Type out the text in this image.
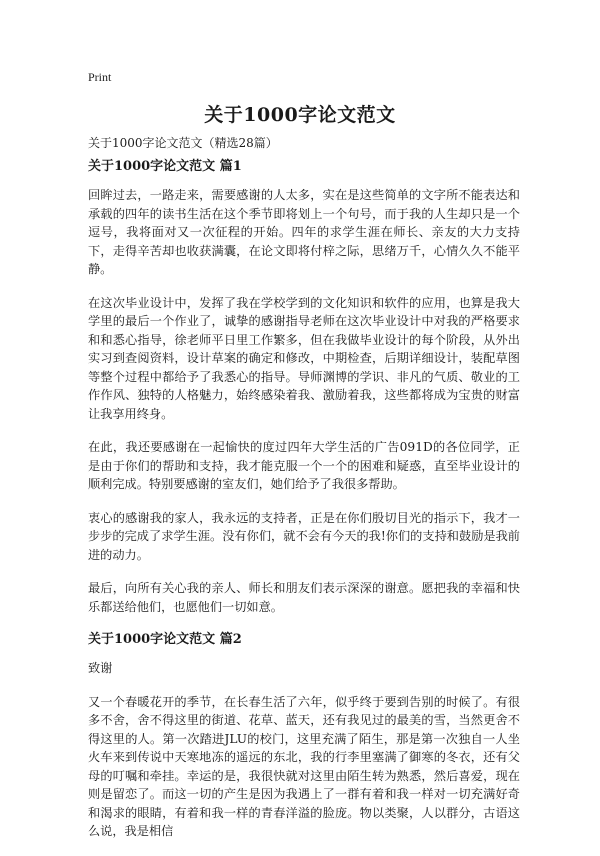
Print
关于1000字论文范文

关于1000字论文范文（精选28篇）

关于1000字论文范文 篇1

回眸过去，一路走来，需要感谢的人太多，实在是这些简单的文字所不能表达和承载的四年的读书生活在这个季节即将划上一个句号，而于我的人生却只是一个逗号，我将面对又一次征程的开始。四年的求学生涯在师长、亲友的大力支持下，走得辛苦却也收获满囊，在论文即将付梓之际，思绪万千，心情久久不能平静。

在这次毕业设计中，发挥了我在学校学到的文化知识和软件的应用，也算是我大学里的最后一个作业了，诚挚的感谢指导老师在这次毕业设计中对我的严格要求和和悉心指导，徐老师平日里工作繁多，但在我做毕业设计的每个阶段，从外出实习到查阅资料，设计草案的确定和修改，中期检查，后期详细设计，装配草图等整个过程中都给予了我悉心的指导。导师渊博的学识、非凡的气质、敬业的工作作风、独特的人格魅力，始终感染着我、激励着我，这些都将成为宝贵的财富让我享用终身。

在此，我还要感谢在一起愉快的度过四年大学生活的广告091D的各位同学，正是由于你们的帮助和支持，我才能克服一个一个的困难和疑惑，直至毕业设计的顺利完成。特别要感谢的室友们，她们给予了我很多帮助。

衷心的感谢我的家人，我永远的支持者，正是在你们殷切目光的指示下，我才一步步的完成了求学生涯。没有你们，就不会有今天的我!你们的支持和鼓励是我前进的动力。

最后，向所有关心我的亲人、师长和朋友们表示深深的谢意。愿把我的幸福和快乐都送给他们，也愿他们一切如意。

关于1000字论文范文 篇2

致谢

又一个春暖花开的季节，在长春生活了六年，似乎终于要到告别的时候了。有很多不舍，舍不得这里的街道、花草、蓝天，还有我见过的最美的雪，当然更舍不得这里的人。第一次踏进JLU的校门，这里充满了陌生，那是第一次独自一人坐火车来到传说中天寒地冻的遥远的东北，我的行李里塞满了御寒的冬衣，还有父母的叮嘱和牵挂。幸运的是，我很快就对这里由陌生转为熟悉，然后喜爱，现在则是留恋了。而这一切的产生是因为我遇上了一群有着和我一样对一切充满好奇和渴求的眼睛，有着和我一样的青春洋溢的脸庞。物以类聚，人以群分，古语这么说，我是相信
